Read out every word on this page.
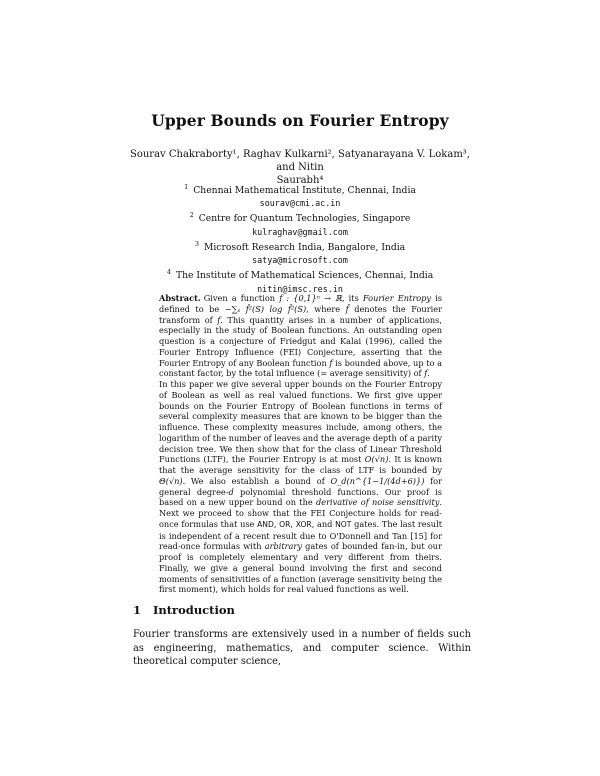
Upper Bounds on Fourier Entropy
Sourav Chakraborty¹, Raghav Kulkarni², Satyanarayana V. Lokam³, and Nitin
Saurabh⁴
$^1$ Chennai Mathematical Institute, Chennai, India
sourav@cmi.ac.in
$^2$ Centre for Quantum Technologies, Singapore
kulraghav@gmail.com
$^3$ Microsoft Research India, Bangalore, India
satya@microsoft.com
$^4$ The Institute of Mathematical Sciences, Chennai, India
nitin@imsc.res.in

Abstract. Given a function f : {0,1}ⁿ → ℝ, its Fourier Entropy is defined to be −∑ₛ f̂²(S) log f̂²(S), where f̂ denotes the Fourier transform of f. This quantity arises in a number of applications, especially in the study of Boolean functions. An outstanding open question is a conjecture of Friedgut and Kalai (1996), called the Fourier Entropy Influence (FEI) Conjecture, asserting that the Fourier Entropy of any Boolean function f is bounded above, up to a constant factor, by the total influence (= average sensitivity) of f.

In this paper we give several upper bounds on the Fourier Entropy of Boolean as well as real valued functions. We first give upper bounds on the Fourier Entropy of Boolean functions in terms of several complexity measures that are known to be bigger than the influence. These complexity measures include, among others, the logarithm of the number of leaves and the average depth of a parity decision tree. We then show that for the class of Linear Threshold Functions (LTF), the Fourier Entropy is at most O(√n). It is known that the average sensitivity for the class of LTF is bounded by Θ(√n). We also establish a bound of O_d(n^{1−1/(4d+6)}) for general degree-d polynomial threshold functions. Our proof is based on a new upper bound on the derivative of noise sensitivity. Next we proceed to show that the FEI Conjecture holds for read-once formulas that use AND, OR, XOR, and NOT gates. The last result is independent of a recent result due to O'Donnell and Tan [15] for read-once formulas with arbitrary gates of bounded fan-in, but our proof is completely elementary and very different from theirs. Finally, we give a general bound involving the first and second moments of sensitivities of a function (average sensitivity being the first moment), which holds for real valued functions as well.

1 Introduction

Fourier transforms are extensively used in a number of fields such as engineering, mathematics, and computer science. Within theoretical computer science,
